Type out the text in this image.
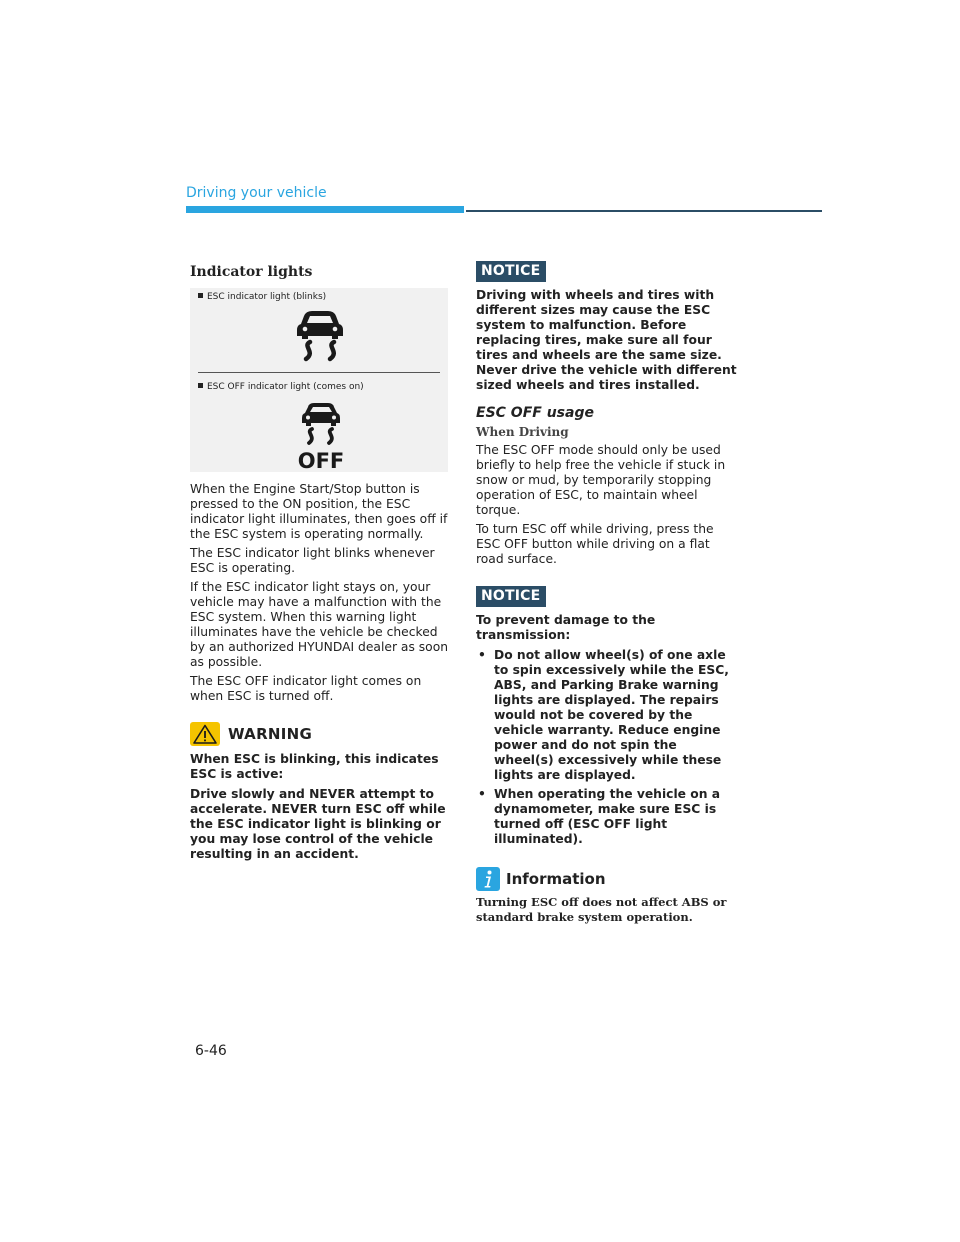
Driving your vehicle
Indicator lights
ESC indicator light (blinks)
ESC OFF indicator light (comes on)
OFF

When the Engine Start/Stop button is pressed to the ON position, the ESC indicator light illuminates, then goes off if the ESC system is operating normally.

The ESC indicator light blinks whenever ESC is operating.

If the ESC indicator light stays on, your vehicle may have a malfunction with the ESC system. When this warning light illuminates have the vehicle be checked by an authorized HYUNDAI dealer as soon as possible.

The ESC OFF indicator light comes on when ESC is turned off.

WARNING

When ESC is blinking, this indicates ESC is active:

Drive slowly and NEVER attempt to accelerate. NEVER turn ESC off while the ESC indicator light is blinking or you may lose control of the vehicle resulting in an accident.

NOTICE

Driving with wheels and tires with different sizes may cause the ESC system to malfunction. Before replacing tires, make sure all four tires and wheels are the same size. Never drive the vehicle with different sized wheels and tires installed.

ESC OFF usage
When Driving

The ESC OFF mode should only be used briefly to help free the vehicle if stuck in snow or mud, by temporarily stopping operation of ESC, to maintain wheel torque.

To turn ESC off while driving, press the ESC OFF button while driving on a flat road surface.

NOTICE

To prevent damage to the transmission:

• Do not allow wheel(s) of one axle to spin excessively while the ESC, ABS, and Parking Brake warning lights are displayed. The repairs would not be covered by the vehicle warranty. Reduce engine power and do not spin the wheel(s) excessively while these lights are displayed.
• When operating the vehicle on a dynamometer, make sure ESC is turned off (ESC OFF light illuminated).
Information

Turning ESC off does not affect ABS or standard brake system operation.

6-46
